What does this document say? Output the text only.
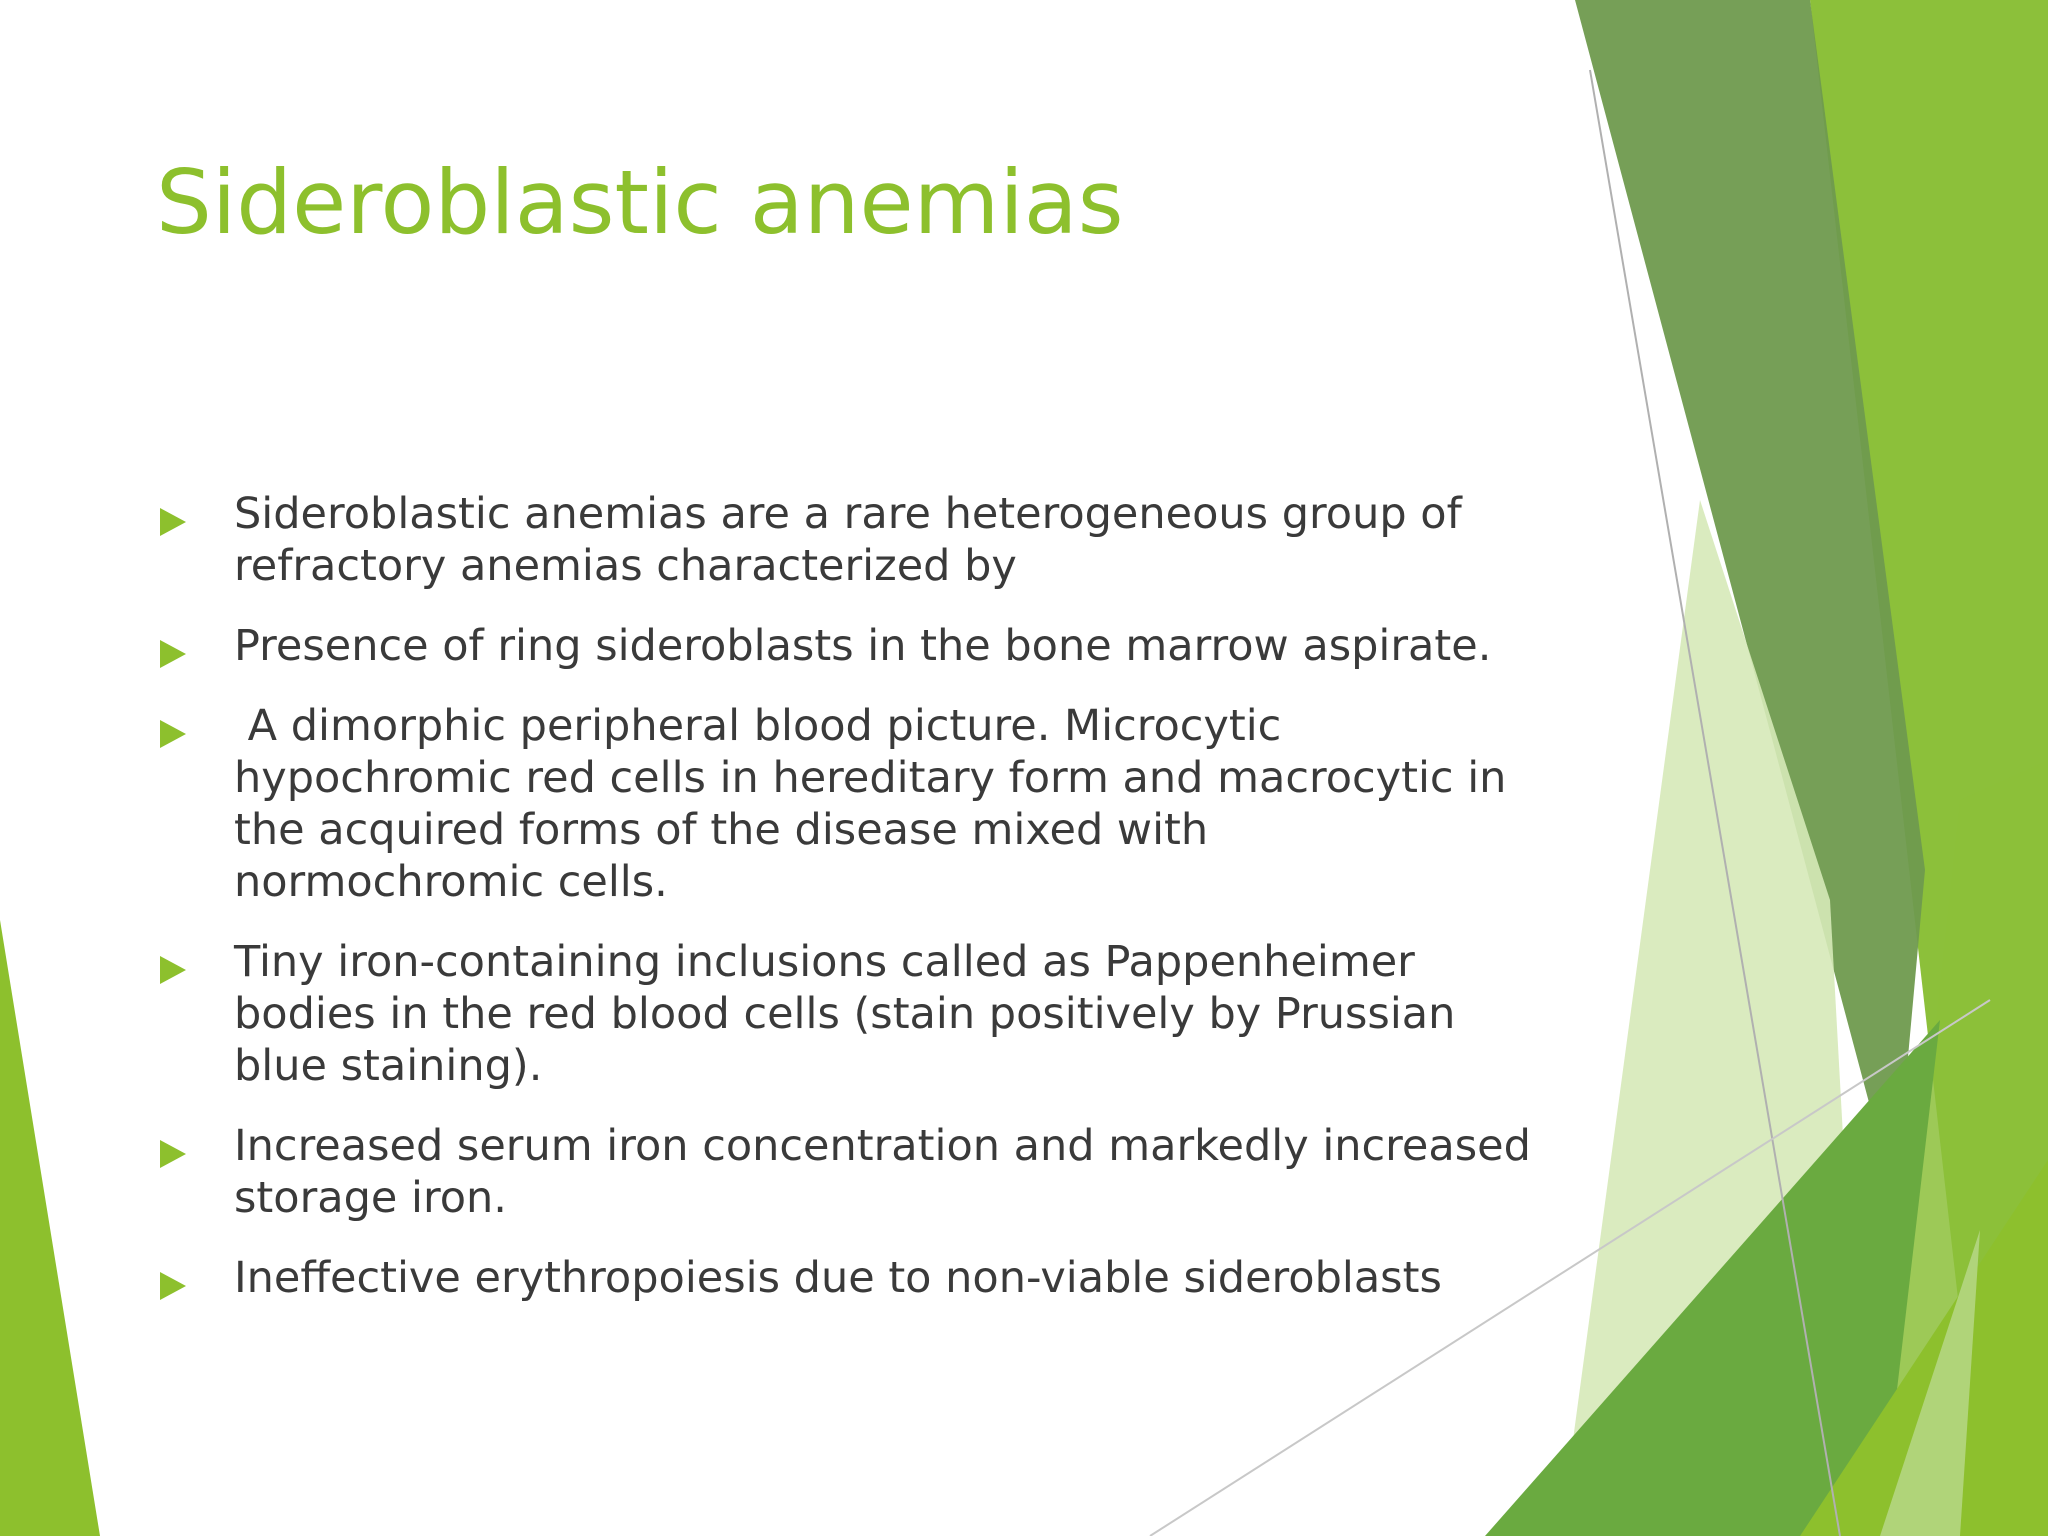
Sideroblastic anemias
Sideroblastic anemias are a rare heterogeneous group of
refractory anemias characterized by
Presence of ring sideroblasts in the bone marrow aspirate.
A dimorphic peripheral blood picture. Microcytic
hypochromic red cells in hereditary form and macrocytic in
the acquired forms of the disease mixed with
normochromic cells.
Tiny iron-containing inclusions called as Pappenheimer
bodies in the red blood cells (stain positively by Prussian
blue staining).
Increased serum iron concentration and markedly increased
storage iron.
Ineffective erythropoiesis due to non-viable sideroblasts
